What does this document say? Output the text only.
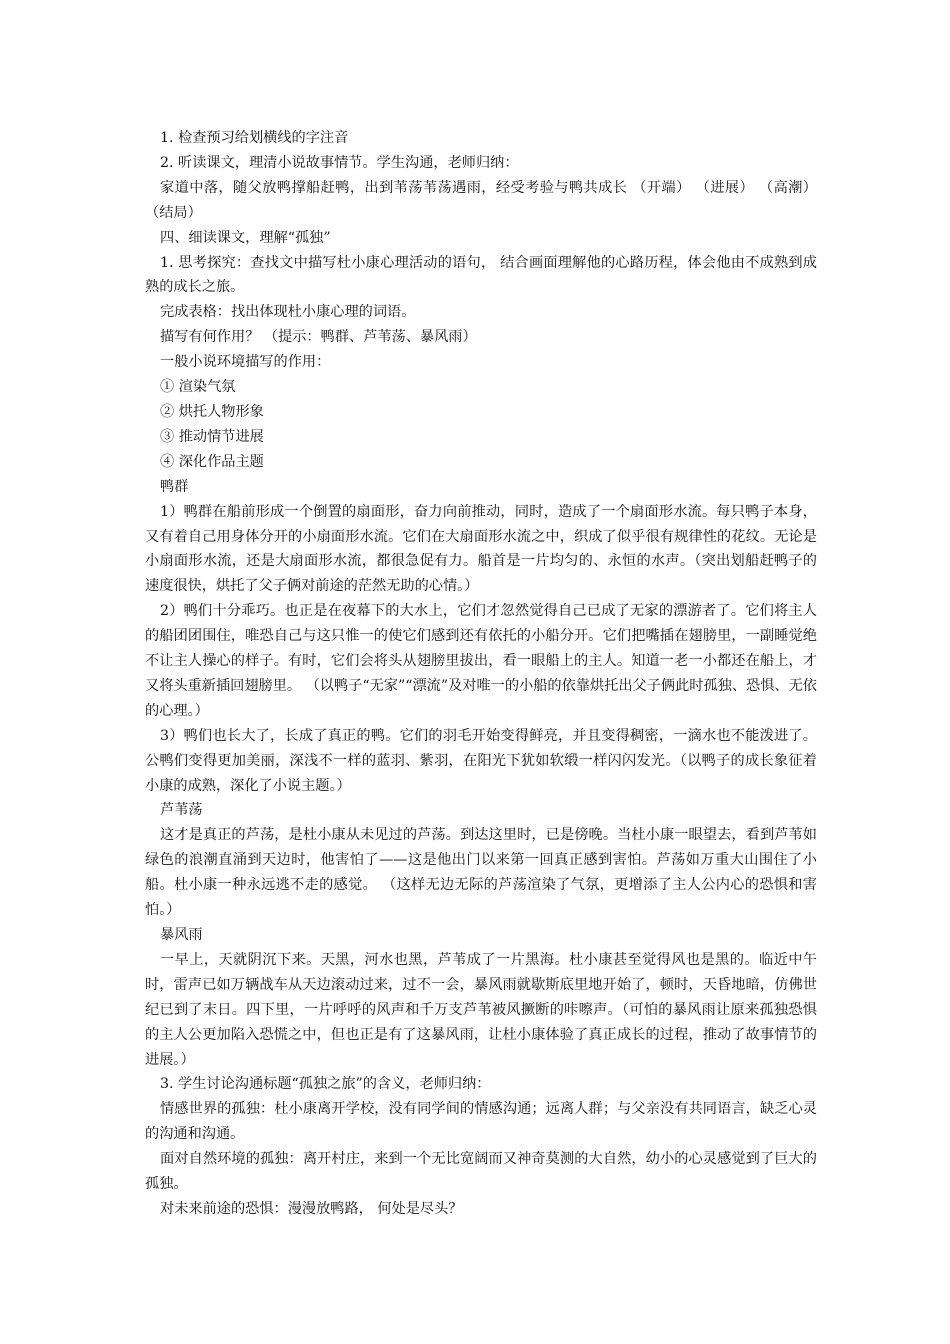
1. 检查预习给划横线的字注音

2. 听读课文，理清小说故事情节。学生沟通，老师归纳：

家道中落，随父放鸭撑船赶鸭，出到苇荡苇荡遇雨，经受考验与鸭共成长 （开端） （进展） （高潮） （结局）

四、细读课文，理解“孤独”

1. 思考探究：查找文中描写杜小康心理活动的语句， 结合画面理解他的心路历程，体会他由不成熟到成熟的成长之旅。

完成表格：找出体现杜小康心理的词语。

描写有何作用？ （提示：鸭群、芦苇荡、暴风雨）

一般小说环境描写的作用：

① 渲染气氛

② 烘托人物形象

③ 推动情节进展

④ 深化作品主题

鸭群

1）鸭群在船前形成一个倒置的扇面形，奋力向前推动，同时，造成了一个扇面形水流。每只鸭子本身，又有着自己用身体分开的小扇面形水流。它们在大扇面形水流之中，织成了似乎很有规律性的花纹。无论是小扇面形水流，还是大扇面形水流，都很急促有力。船首是一片均匀的、永恒的水声。（突出划船赶鸭子的速度很快，烘托了父子俩对前途的茫然无助的心情。）

2）鸭们十分乖巧。也正是在夜幕下的大水上，它们才忽然觉得自己已成了无家的漂游者了。它们将主人的船团团围住，唯恐自己与这只惟一的使它们感到还有依托的小船分开。它们把嘴插在翅膀里，一副睡觉绝不让主人操心的样子。有时，它们会将头从翅膀里拔出，看一眼船上的主人。知道一老一小都还在船上，才又将头重新插回翅膀里。 （以鸭子“无家”“漂流”及对唯一的小船的依靠烘托出父子俩此时孤独、恐惧、无依的心理。）

3）鸭们也长大了，长成了真正的鸭。它们的羽毛开始变得鲜亮，并且变得稠密，一滴水也不能泼进了。公鸭们变得更加美丽，深浅不一样的蓝羽、紫羽，在阳光下犹如软缎一样闪闪发光。（以鸭子的成长象征着小康的成熟，深化了小说主题。）

芦苇荡

这才是真正的芦荡，是杜小康从未见过的芦荡。到达这里时，已是傍晚。当杜小康一眼望去，看到芦苇如绿色的浪潮直涌到天边时，他害怕了——这是他出门以来第一回真正感到害怕。芦荡如万重大山围住了小船。杜小康一种永远逃不走的感觉。 （这样无边无际的芦荡渲染了气氛，更增添了主人公内心的恐惧和害怕。）

暴风雨

一早上，天就阴沉下来。天黑，河水也黑，芦苇成了一片黑海。杜小康甚至觉得风也是黑的。临近中午时，雷声已如万辆战车从天边滚动过来，过不一会，暴风雨就歇斯底里地开始了，顿时，天昏地暗，仿佛世纪已到了末日。四下里，一片呼呼的风声和千万支芦苇被风撅断的咔嚓声。（可怕的暴风雨让原来孤独恐惧的主人公更加陷入恐慌之中，但也正是有了这暴风雨，让杜小康体验了真正成长的过程，推动了故事情节的进展。）

3. 学生讨论沟通标题“孤独之旅”的含义，老师归纳：

情感世界的孤独：杜小康离开学校，没有同学间的情感沟通；远离人群；与父亲没有共同语言，缺乏心灵的沟通和沟通。

面对自然环境的孤独：离开村庄，来到一个无比宽阔而又神奇莫测的大自然，幼小的心灵感觉到了巨大的孤独。

对未来前途的恐惧：漫漫放鸭路， 何处是尽头？
